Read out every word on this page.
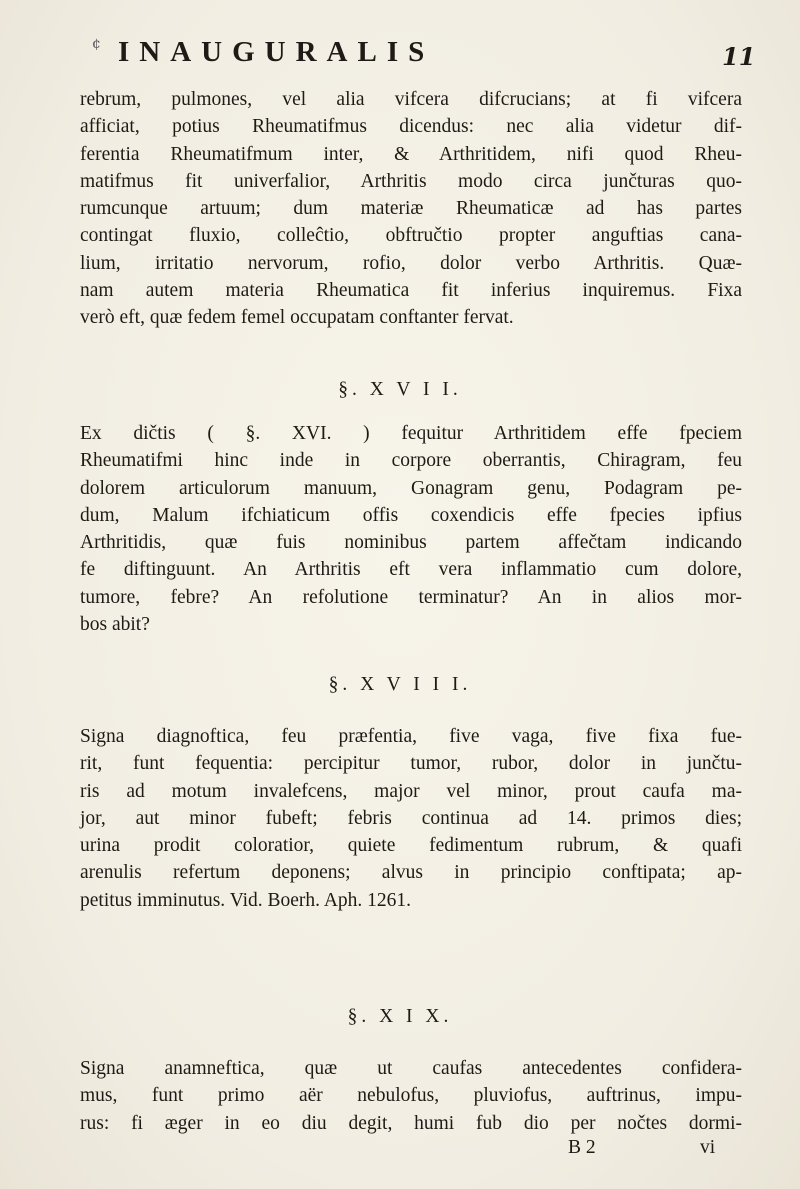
¢ INAUGURALIS	11
rebrum, pulmones, vel alia vifcera difcrucians; at fi vifcera
afficiat, potius Rheumatifmus dicendus: nec alia videtur dif-
ferentia Rheumatifmum inter, & Arthritidem, nifi quod Rheu-
matifmus fit univerfalior, Arthritis modo circa junčturas quo-
rumcunque artuum; dum materiæ Rheumaticæ ad has partes
contingat fluxio, colleĉtio, obftručtio propter anguftias cana-
lium, irritatio nervorum, rofio, dolor verbo Arthritis. Quæ-
nam autem materia Rheumatica fit inferius inquiremus. Fixa
verò eft, quæ fedem femel occupatam conftanter fervat.
§. X V I I.
Ex dičtis ( §. XVI. ) fequitur Arthritidem effe fpeciem
Rheumatifmi hinc inde in corpore oberrantis, Chiragram, feu
dolorem articulorum manuum, Gonagram genu, Podagram pe-
dum, Malum ifchiaticum offis coxendicis effe fpecies ipfius
Arthritidis, quæ fuis nominibus partem affečtam indicando
fe diftinguunt. An Arthritis eft vera inflammatio cum dolore,
tumore, febre? An refolutione terminatur? An in alios mor-
bos abit?
§. X V I I I.
Signa diagnoftica, feu præfentia, five vaga, five fixa fue-
rit, funt fequentia: percipitur tumor, rubor, dolor in junčtu-
ris ad motum invalefcens, major vel minor, prout caufa ma-
jor, aut minor fubeft; febris continua ad 14. primos dies;
urina prodit coloratior, quiete fedimentum rubrum, & quafi
arenulis refertum deponens; alvus in principio conftipata; ap-
petitus imminutus. Vid. Boerh. Aph. 1261.
§. X I X.
Signa anamneftica, quæ ut caufas antecedentes confidera-
mus, funt primo aër nebulofus, pluviofus, auftrinus, impu-
rus: fi æger in eo diu degit, humi fub dio per nočtes dormi-
B 2	vi
